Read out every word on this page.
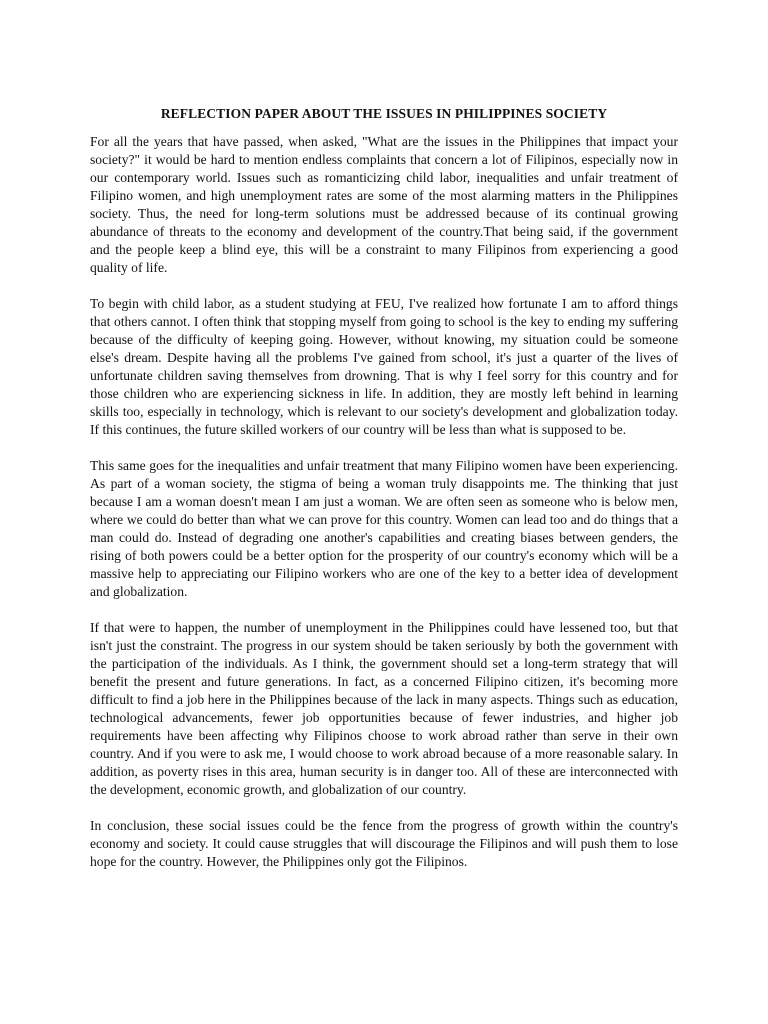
REFLECTION PAPER ABOUT THE ISSUES IN PHILIPPINES SOCIETY

For all the years that have passed, when asked, "What are the issues in the Philippines that impact your society?" it would be hard to mention endless complaints that concern a lot of Filipinos, especially now in our contemporary world. Issues such as romanticizing child labor, inequalities and unfair treatment of Filipino women, and high unemployment rates are some of the most alarming matters in the Philippines society. Thus, the need for long-term solutions must be addressed because of its continual growing abundance of threats to the economy and development of the country.That being said, if the government and the people keep a blind eye, this will be a constraint to many Filipinos from experiencing a good quality of life.

To begin with child labor, as a student studying at FEU, I've realized how fortunate I am to afford things that others cannot. I often think that stopping myself from going to school is the key to ending my suffering because of the difficulty of keeping going. However, without knowing, my situation could be someone else's dream. Despite having all the problems I've gained from school, it's just a quarter of the lives of unfortunate children saving themselves from drowning. That is why I feel sorry for this country and for those children who are experiencing sickness in life. In addition, they are mostly left behind in learning skills too, especially in technology, which is relevant to our society's development and globalization today. If this continues, the future skilled workers of our country will be less than what is supposed to be.

This same goes for the inequalities and unfair treatment that many Filipino women have been experiencing. As part of a woman society, the stigma of being a woman truly disappoints me. The thinking that just because I am a woman doesn't mean I am just a woman. We are often seen as someone who is below men, where we could do better than what we can prove for this country. Women can lead too and do things that a man could do. Instead of degrading one another's capabilities and creating biases between genders, the rising of both powers could be a better option for the prosperity of our country's economy which will be a massive help to appreciating our Filipino workers who are one of the key to a better idea of development and globalization.

If that were to happen, the number of unemployment in the Philippines could have lessened too, but that isn't just the constraint. The progress in our system should be taken seriously by both the government with the participation of the individuals. As I think, the government should set a long-term strategy that will benefit the present and future generations. In fact, as a concerned Filipino citizen, it's becoming more difficult to find a job here in the Philippines because of the lack in many aspects. Things such as education, technological advancements, fewer job opportunities because of fewer industries, and higher job requirements have been affecting why Filipinos choose to work abroad rather than serve in their own country. And if you were to ask me, I would choose to work abroad because of a more reasonable salary. In addition, as poverty rises in this area, human security is in danger too. All of these are interconnected with the development, economic growth, and globalization of our country.

In conclusion, these social issues could be the fence from the progress of growth within the country's economy and society. It could cause struggles that will discourage the Filipinos and will push them to lose hope for the country. However, the Philippines only got the Filipinos.
